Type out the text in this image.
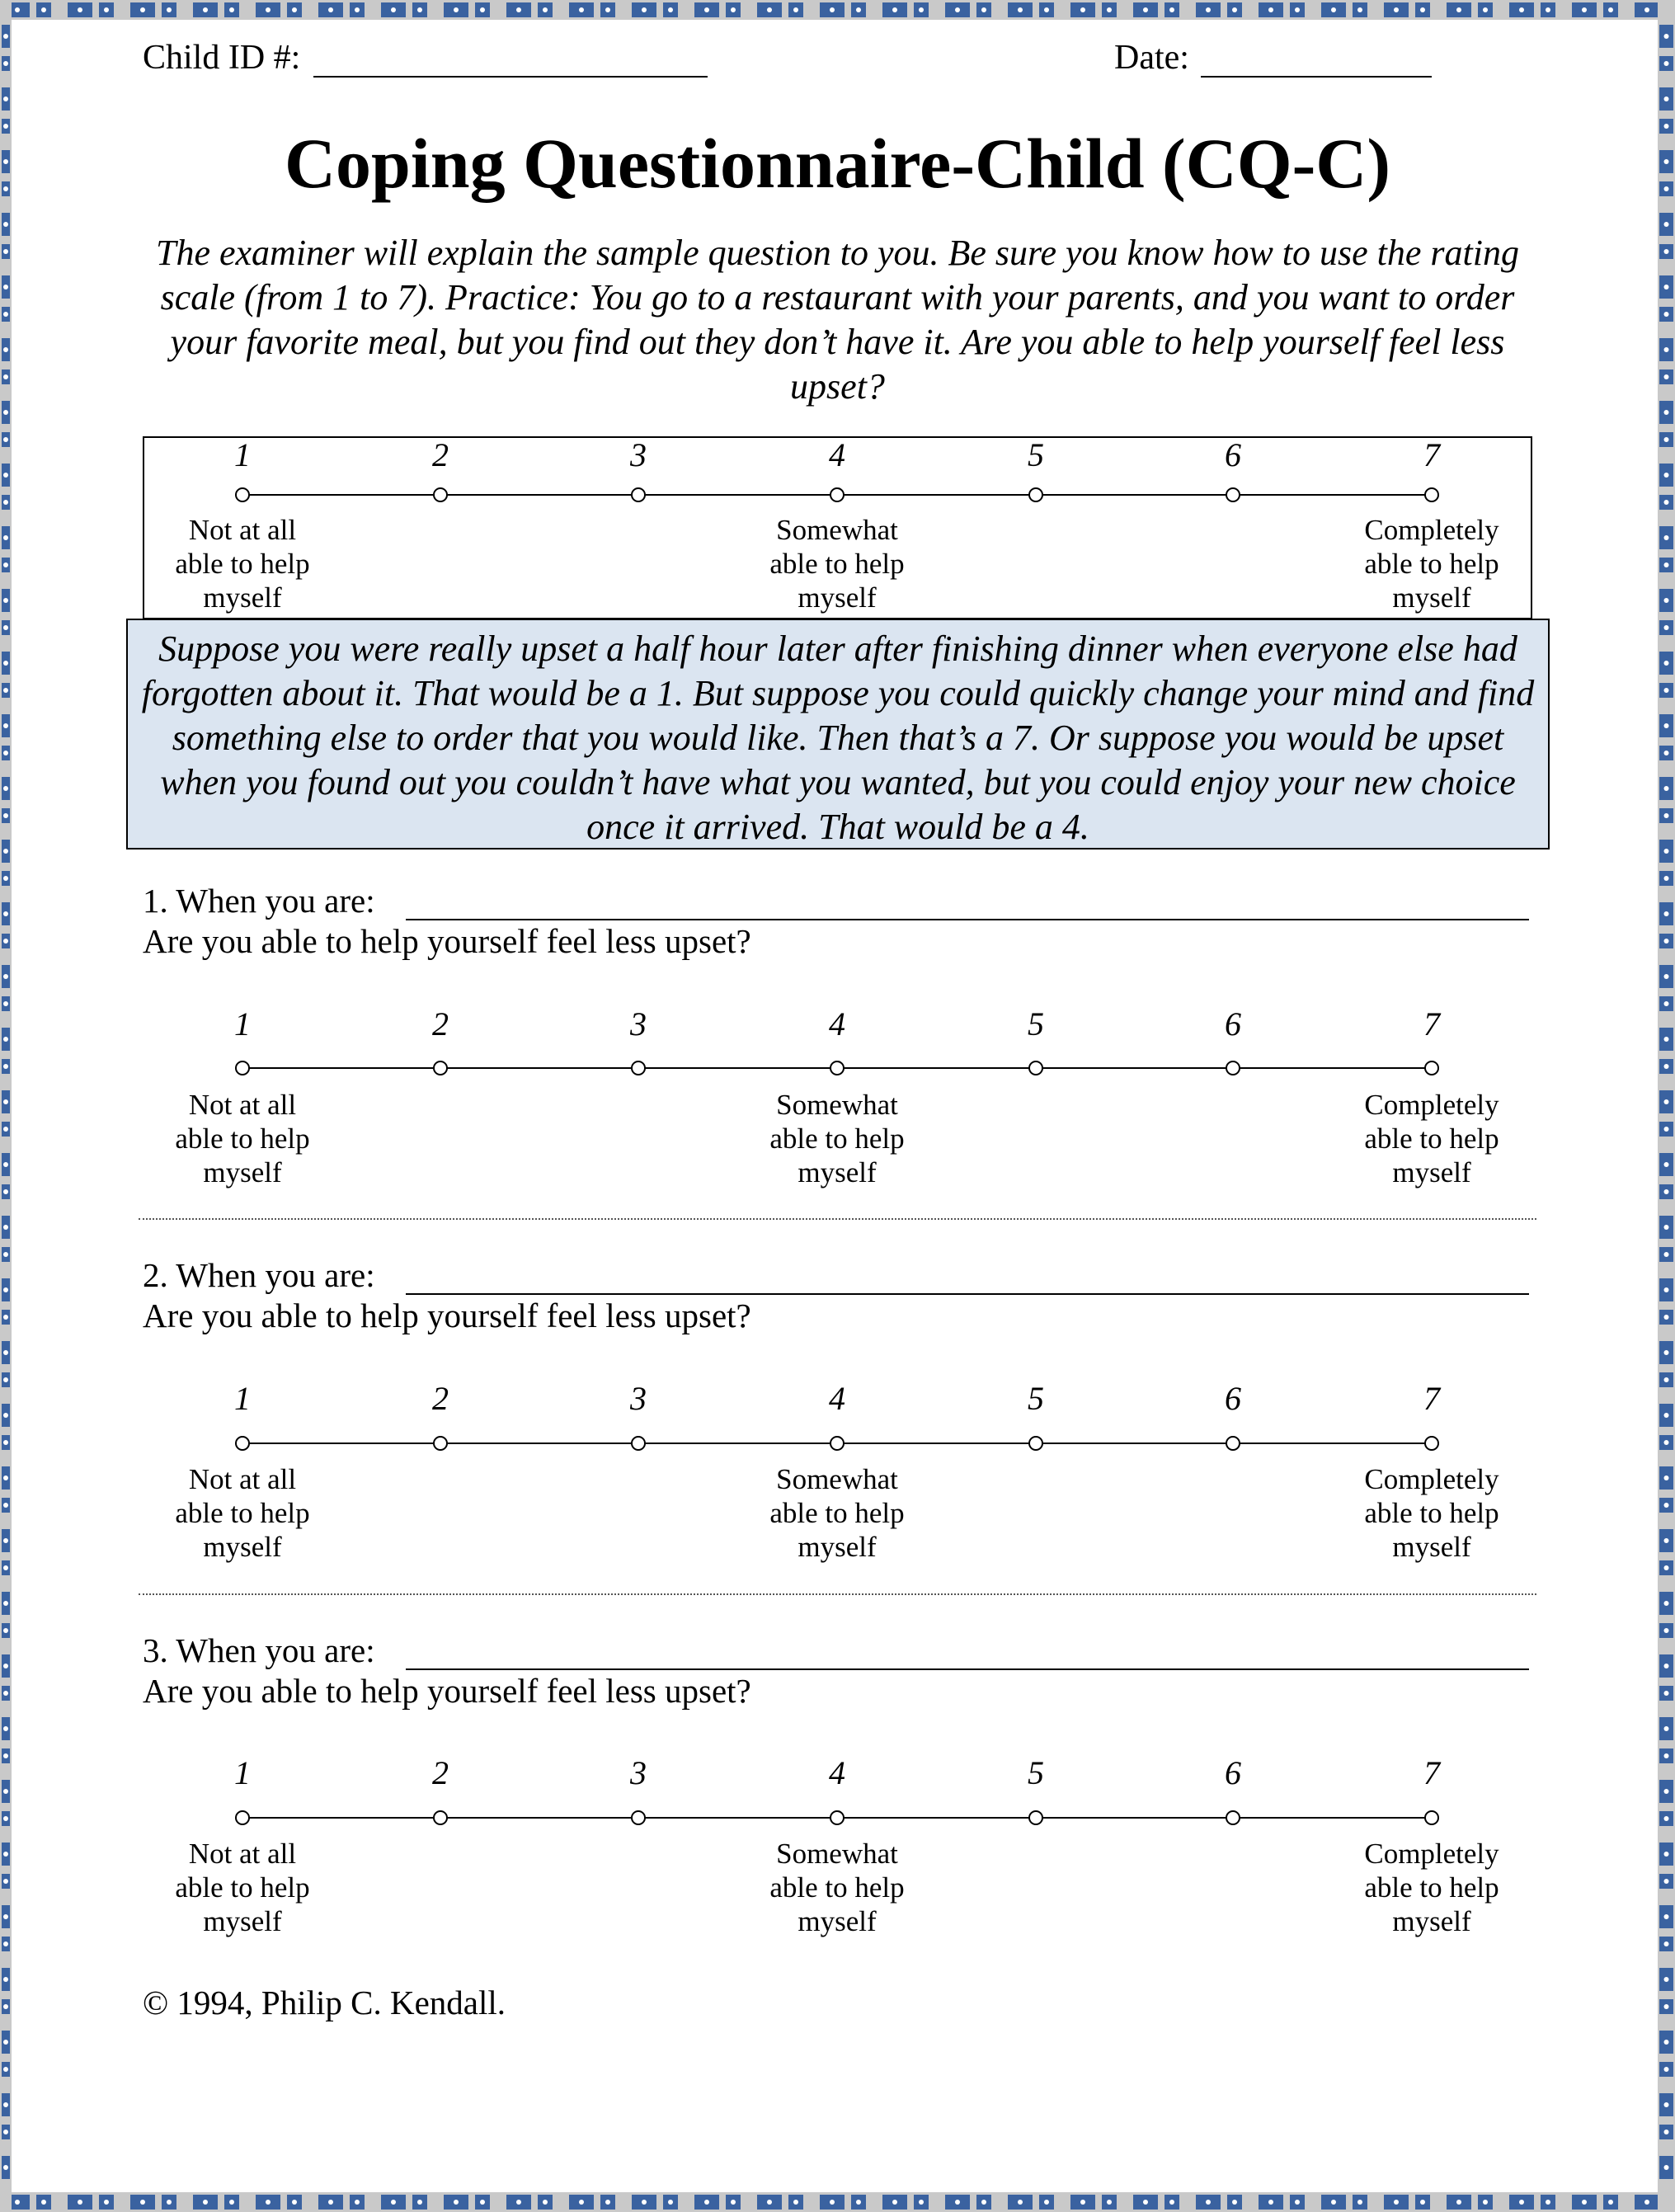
Child ID #:	Date:
Coping Questionnaire-Child (CQ-C)
The examiner will explain the sample question to you. Be sure you know how to use the rating scale (from 1 to 7). Practice: You go to a restaurant with your parents, and you want to order your favorite meal, but you find out they don’t have it. Are you able to help yourself feel less upset?
1	2	3	4	5	6	7
Not at all
able to help
myself
Somewhat
able to help
myself
Completely
able to help
myself
Suppose you were really upset a half hour later after finishing dinner when everyone else had forgotten about it. That would be a 1. But suppose you could quickly change your mind and find something else to order that you would like. Then that’s a 7. Or suppose you would be upset when you found out you couldn’t have what you wanted, but you could enjoy your new choice once it arrived. That would be a 4.
1. When you are:
Are you able to help yourself feel less upset?
1	2	3	4	5	6	7
Not at all
able to help
myself
Somewhat
able to help
myself
Completely
able to help
myself
2. When you are:
Are you able to help yourself feel less upset?
1	2	3	4	5	6	7
Not at all
able to help
myself
Somewhat
able to help
myself
Completely
able to help
myself
3. When you are:
Are you able to help yourself feel less upset?
1	2	3	4	5	6	7
Not at all
able to help
myself
Somewhat
able to help
myself
Completely
able to help
myself
© 1994, Philip C. Kendall.
